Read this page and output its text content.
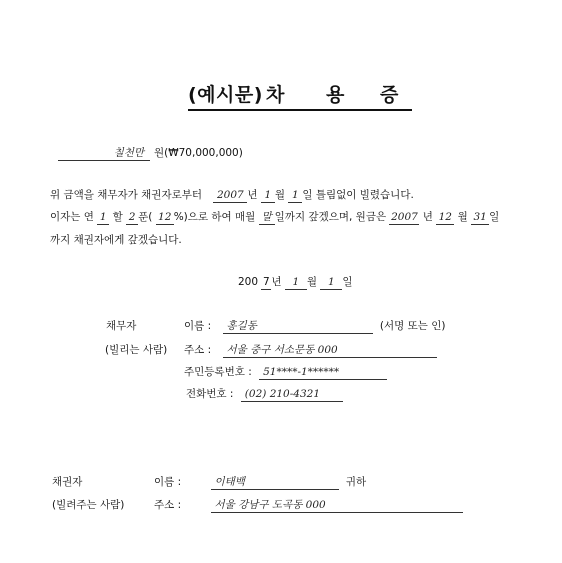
(예시문) 차	용	증
칠천만 원(₩70,000,000)
위 금액을 채무자가 채권자로부터 2007 년 1 월 1 일 틀림없이 빌렸습니다.
이자는 연 1 할 2 푼( 12 %)으로 하여 매월 말 일까지 갚겠으며, 원금은 2007 년 12 월 31 일
까지 채권자에게 갚겠습니다.
200 7 년 1 월 1 일
채무자
(빌리는 사람)
이름 : 홍길동	(서명 또는 인)
주소 : 서울 중구 서소문동 000
주민등록번호 : 51****-1******
전화번호 : (02) 210-4321
채권자
(빌려주는 사람)
이름 :	이태백	귀하
주소 :	서울 강남구 도곡동 000
